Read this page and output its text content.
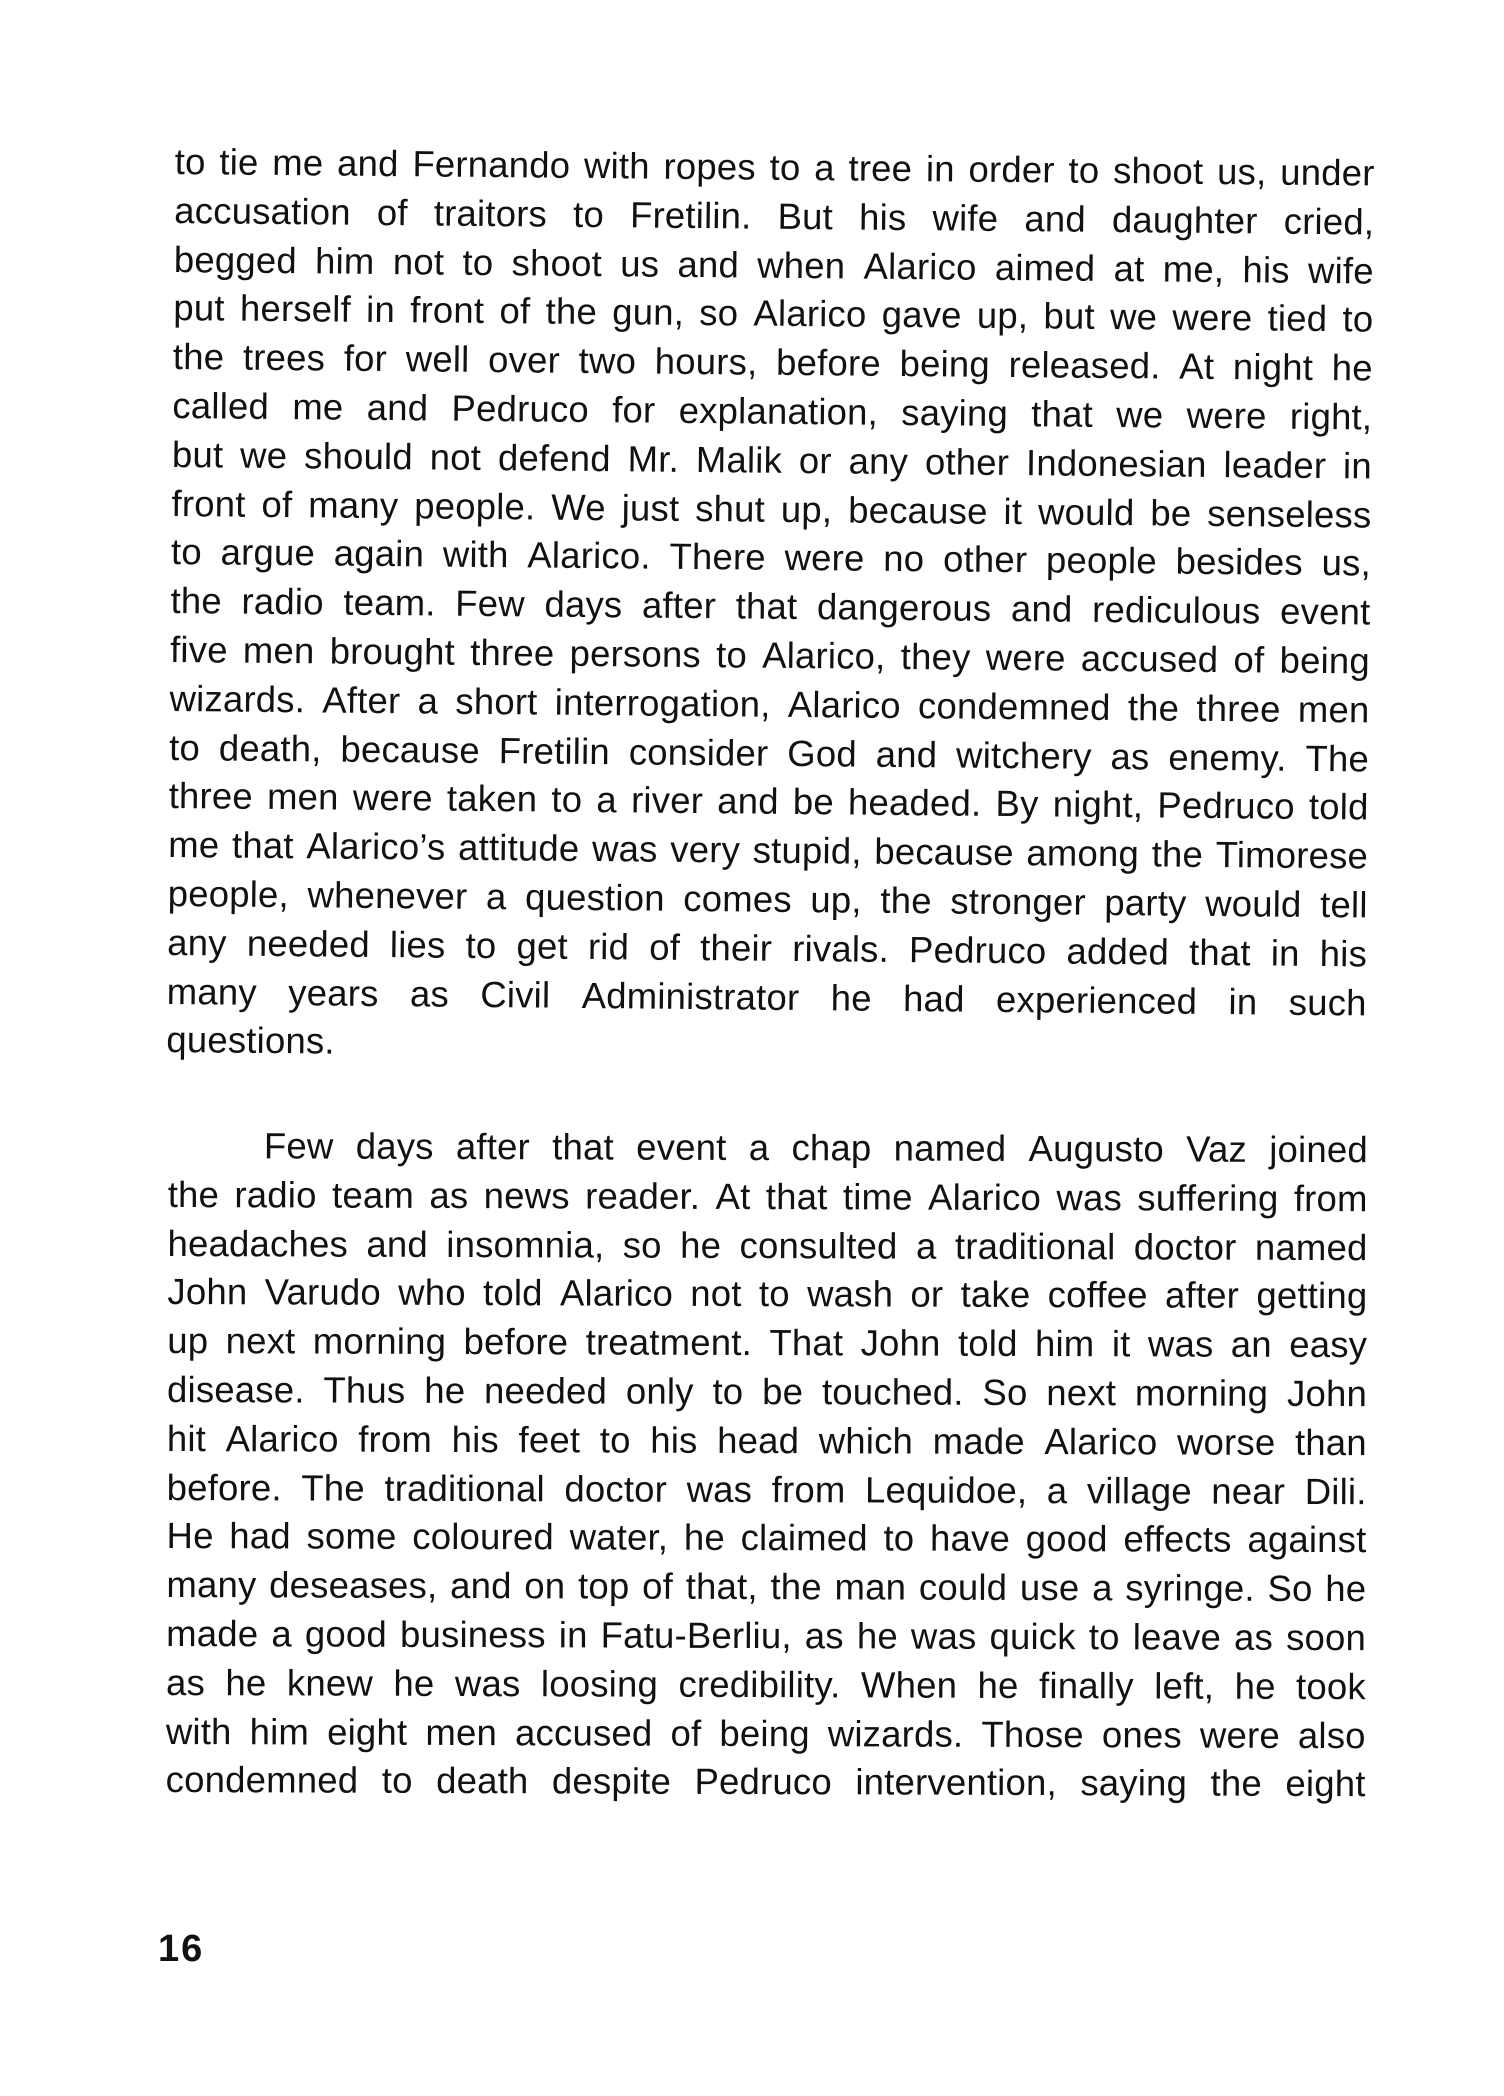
to tie me and Fernando with ropes to a tree in order to shoot us, under
accusation of traitors to Fretilin. But his wife and daughter cried,
begged him not to shoot us and when Alarico aimed at me, his wife
put herself in front of the gun, so Alarico gave up, but we were tied to
the trees for well over two hours, before being released. At night he
called me and Pedruco for explanation, saying that we were right,
but we should not defend Mr. Malik or any other Indonesian leader in
front of many people. We just shut up, because it would be senseless
to argue again with Alarico. There were no other people besides us,
the radio team. Few days after that dangerous and rediculous event
five men brought three persons to Alarico, they were accused of being
wizards. After a short interrogation, Alarico condemned the three men
to death, because Fretilin consider God and witchery as enemy. The
three men were taken to a river and be headed. By night, Pedruco told
me that Alarico’s attitude was very stupid, because among the Timorese
people, whenever a question comes up, the stronger party would tell
any needed lies to get rid of their rivals. Pedruco added that in his
many years as Civil Administrator he had experienced in such
questions.
Few days after that event a chap named Augusto Vaz joined
the radio team as news reader. At that time Alarico was suffering from
headaches and insomnia, so he consulted a traditional doctor named
John Varudo who told Alarico not to wash or take coffee after getting
up next morning before treatment. That John told him it was an easy
disease. Thus he needed only to be touched. So next morning John
hit Alarico from his feet to his head which made Alarico worse than
before. The traditional doctor was from Lequidoe, a village near Dili.
He had some coloured water, he claimed to have good effects against
many deseases, and on top of that, the man could use a syringe. So he
made a good business in Fatu-Berliu, as he was quick to leave as soon
as he knew he was loosing credibility. When he finally left, he took
with him eight men accused of being wizards. Those ones were also
condemned to death despite Pedruco intervention, saying the eight
16
